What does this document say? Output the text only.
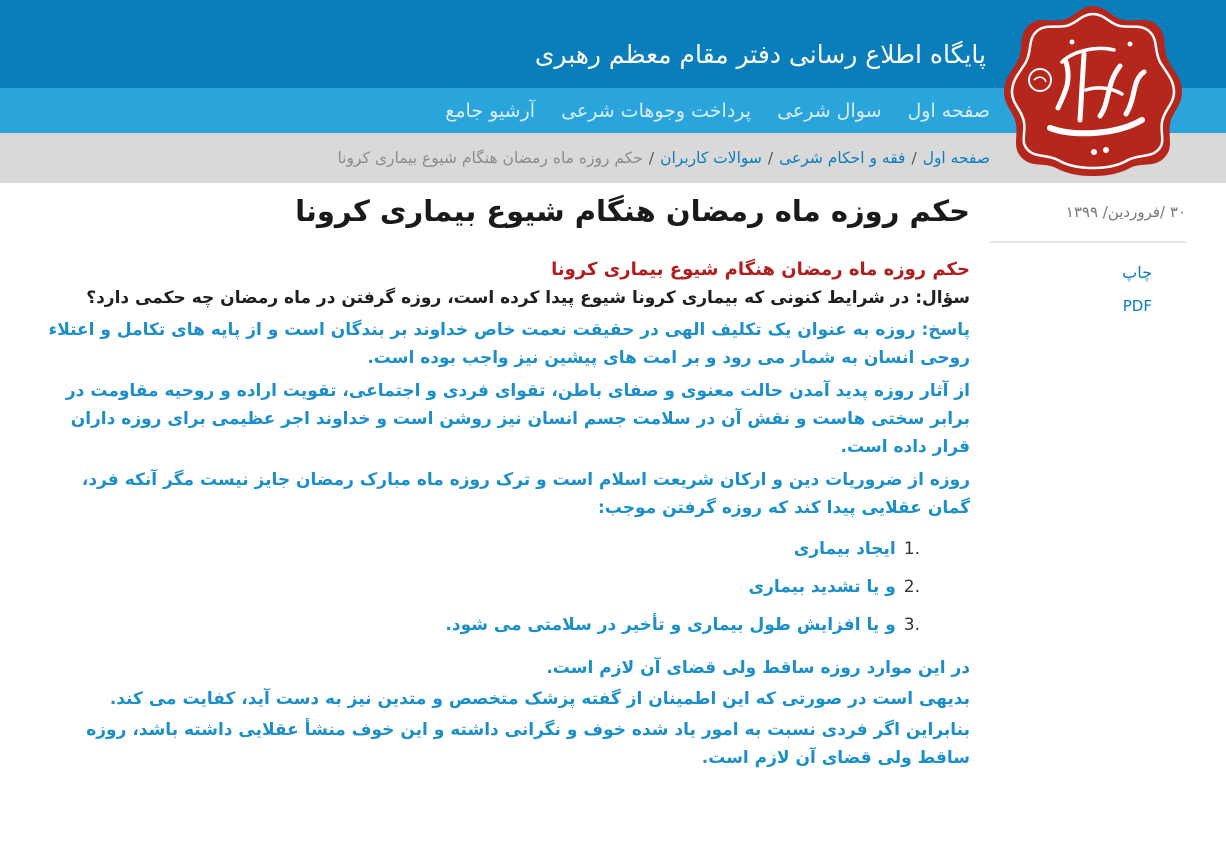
پایگاه اطلاع رسانی دفتر مقام معظم رهبری
صفحه اول
سوال شرعی
پرداخت وجوهات شرعی
آرشیو جامع
صفحه اول
/
فقه و احکام شرعی
/
سوالات کاربران
/
حکم روزه ماه رمضان هنگام شیوع بیماری کرونا
۳۰ /فروردین/ ۱۳۹۹
چاپ
PDF
حکم روزه ماه رمضان هنگام شیوع بیماری کرونا
حکم روزه ماه رمضان هنگام شیوع بیماری کرونا
سؤال: در شرایط کنونی که بیماری کرونا شیوع پیدا کرده است، روزه گرفتن در ماه رمضان چه حکمی دارد؟
پاسخ: روزه به عنوان یک تکلیف الهی در حقیقت نعمت خاص خداوند بر بندگان است و از پایه های تکامل و اعتلاء روحی انسان به شمار می رود و بر امت های پیشین نیز واجب بوده است.
از آثار روزه پدید آمدن حالت معنوی و صفای باطن، تقوای فردی و اجتماعی، تقویت اراده و روحیه مقاومت در برابر سختی هاست و نقش آن در سلامت جسم انسان نیز روشن است و خداوند اجر عظیمی برای روزه داران قرار داده است.
روزه از ضروریات دین و ارکان شریعت اسلام است و ترک روزه ماه مبارک رمضان جایز نیست مگر آنکه فرد، گمان عقلایی پیدا کند که روزه گرفتن موجب:
1.
ایجاد بیماری
2.
و یا تشدید بیماری
3.
و یا افزایش طول بیماری و تأخیر در سلامتی می شود.
در این موارد روزه ساقط ولی قضای آن لازم است.
بدیهی است در صورتی که این اطمینان از گفته پزشک متخصص و متدین نیز به دست آید، کفایت می کند.
بنابراین اگر فردی نسبت به امور یاد شده خوف و نگرانی داشته و این خوف منشأ عقلایی داشته باشد، روزه ساقط ولی قضای آن لازم است.
